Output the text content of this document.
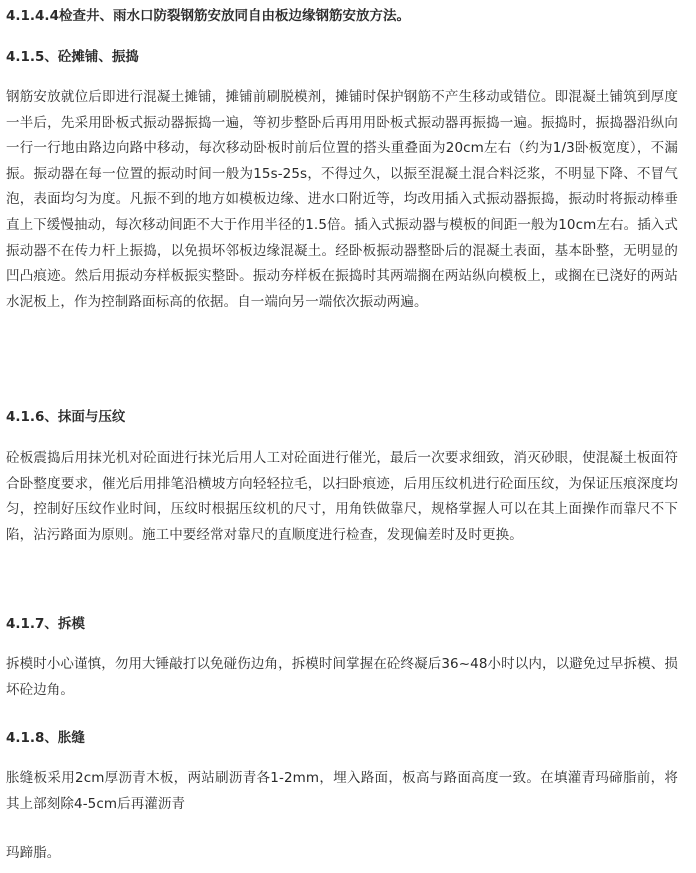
4.1.4.4检查井、雨水口防裂钢筋安放同自由板边缘钢筋安放方法。

4.1.5、砼摊铺、振捣

钢筋安放就位后即进行混凝土摊铺，摊铺前刷脱模剂，摊铺时保护钢筋不产生移动或错位。即混凝土铺筑到厚度一半后，先采用卧板式振动器振捣一遍，等初步整卧后再用用卧板式振动器再振捣一遍。振捣时，振捣器沿纵向一行一行地由路边向路中移动，每次移动卧板时前后位置的搭头重叠面为20cm左右（约为1/3卧板宽度），不漏振。振动器在每一位置的振动时间一般为15s-25s，不得过久，以振至混凝土混合料泛浆，不明显下降、不冒气泡，表面均匀为度。凡振不到的地方如模板边缘、进水口附近等，均改用插入式振动器振捣，振动时将振动棒垂直上下缓慢抽动，每次移动间距不大于作用半径的1.5倍。插入式振动器与模板的间距一般为10cm左右。插入式振动器不在传力杆上振捣，以免损坏邻板边缘混凝土。经卧板振动器整卧后的混凝土表面，基本卧整，无明显的凹凸痕迹。然后用振动夯样板振实整卧。振动夯样板在振捣时其两端搁在两站纵向模板上，或搁在已浇好的两站水泥板上，作为控制路面标高的依据。自一端向另一端依次振动两遍。

4.1.6、抹面与压纹

砼板震捣后用抹光机对砼面进行抹光后用人工对砼面进行催光，最后一次要求细致，消灭砂眼，使混凝土板面符合卧整度要求，催光后用排笔沿横坡方向轻轻拉毛，以扫卧痕迹，后用压纹机进行砼面压纹，为保证压痕深度均匀，控制好压纹作业时间，压纹时根据压纹机的尺寸，用角铁做靠尺，规格掌握人可以在其上面操作而靠尺不下陷，沾污路面为原则。施工中要经常对靠尺的直顺度进行检查，发现偏差时及时更换。

4.1.7、拆模

拆模时小心谨慎，勿用大锤敲打以免碰伤边角，拆模时间掌握在砼终凝后36~48小时以内，以避免过早拆模、损坏砼边角。

4.1.8、胀缝

胀缝板采用2cm厚沥青木板，两站刷沥青各1-2mm，埋入路面，板高与路面高度一致。在填灌青玛碲脂前，将其上部刻除4-5cm后再灌沥青

玛蹄脂。
